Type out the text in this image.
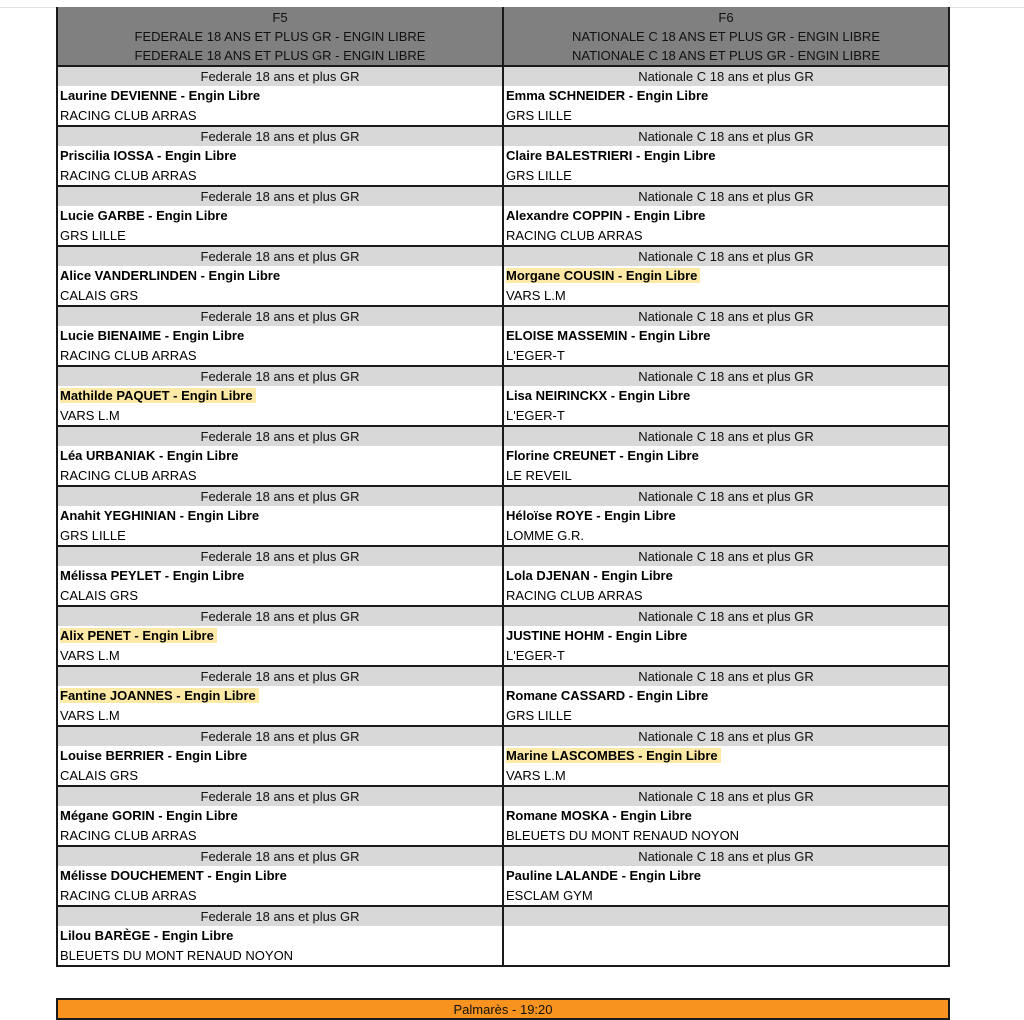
F5
FEDERALE 18 ANS ET PLUS GR - ENGIN LIBRE
FEDERALE 18 ANS ET PLUS GR - ENGIN LIBRE
F6
NATIONALE C 18 ANS ET PLUS GR - ENGIN LIBRE
NATIONALE C 18 ANS ET PLUS GR - ENGIN LIBRE
Federale 18 ans et plus GR
Laurine DEVIENNE - Engin Libre
RACING CLUB ARRAS
Nationale C 18 ans et plus GR
Emma SCHNEIDER - Engin Libre
GRS LILLE
Federale 18 ans et plus GR
Priscilia IOSSA - Engin Libre
RACING CLUB ARRAS
Nationale C 18 ans et plus GR
Claire BALESTRIERI - Engin Libre
GRS LILLE
Federale 18 ans et plus GR
Lucie GARBE - Engin Libre
GRS LILLE
Nationale C 18 ans et plus GR
Alexandre COPPIN - Engin Libre
RACING CLUB ARRAS
Federale 18 ans et plus GR
Alice VANDERLINDEN - Engin Libre
CALAIS GRS
Nationale C 18 ans et plus GR
Morgane COUSIN - Engin Libre
VARS L.M
Federale 18 ans et plus GR
Lucie BIENAIME - Engin Libre
RACING CLUB ARRAS
Nationale C 18 ans et plus GR
ELOISE MASSEMIN - Engin Libre
L'EGER-T
Federale 18 ans et plus GR
Mathilde PAQUET - Engin Libre
VARS L.M
Nationale C 18 ans et plus GR
Lisa NEIRINCKX - Engin Libre
L'EGER-T
Federale 18 ans et plus GR
Léa URBANIAK - Engin Libre
RACING CLUB ARRAS
Nationale C 18 ans et plus GR
Florine CREUNET - Engin Libre
LE REVEIL
Federale 18 ans et plus GR
Anahit YEGHINIAN - Engin Libre
GRS LILLE
Nationale C 18 ans et plus GR
Héloïse ROYE - Engin Libre
LOMME G.R.
Federale 18 ans et plus GR
Mélissa PEYLET - Engin Libre
CALAIS GRS
Nationale C 18 ans et plus GR
Lola DJENAN - Engin Libre
RACING CLUB ARRAS
Federale 18 ans et plus GR
Alix PENET - Engin Libre
VARS L.M
Nationale C 18 ans et plus GR
JUSTINE HOHM - Engin Libre
L'EGER-T
Federale 18 ans et plus GR
Fantine JOANNES - Engin Libre
VARS L.M
Nationale C 18 ans et plus GR
Romane CASSARD - Engin Libre
GRS LILLE
Federale 18 ans et plus GR
Louise BERRIER - Engin Libre
CALAIS GRS
Nationale C 18 ans et plus GR
Marine LASCOMBES - Engin Libre
VARS L.M
Federale 18 ans et plus GR
Mégane GORIN - Engin Libre
RACING CLUB ARRAS
Nationale C 18 ans et plus GR
Romane MOSKA - Engin Libre
BLEUETS DU MONT RENAUD NOYON
Federale 18 ans et plus GR
Mélisse DOUCHEMENT - Engin Libre
RACING CLUB ARRAS
Nationale C 18 ans et plus GR
Pauline LALANDE - Engin Libre
ESCLAM GYM
Federale 18 ans et plus GR
Lilou BARÈGE - Engin Libre
BLEUETS DU MONT RENAUD NOYON
Palmarès - 19:20
